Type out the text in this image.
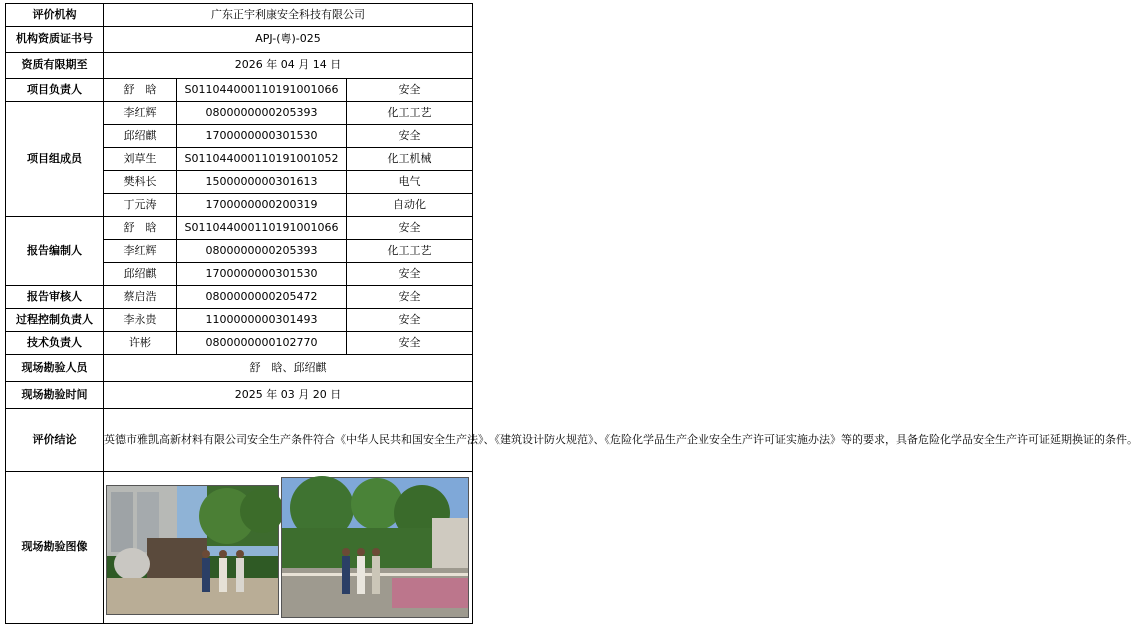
评价机构	广东正宇利康安全科技有限公司		
机构资质证书号	APJ-(粤)-025		
资质有限期至	2026 年 04 月 14 日		
项目负责人	舒　晗	S011044000110191001066	安全
项目组成员	李红辉	0800000000205393	化工工艺
	邱绍麒	1700000000301530	安全
	刘草生	S011044000110191001052	化工机械
	樊科长	1500000000301613	电气
	丁元涛	1700000000200319	自动化
报告编制人	舒　晗	S011044000110191001066	安全
	李红辉	0800000000205393	化工工艺
	邱绍麒	1700000000301530	安全
报告审核人	蔡启浩	0800000000205472	安全
过程控制负责人	李永贵	1100000000301493	安全
技术负责人	许彬	0800000000102770	安全
现场勘验人员	舒　晗、邱绍麒		
现场勘验时间	2025 年 03 月 20 日		
评价结论	英德市雅凯高新材料有限公司安全生产条件符合《中华人民共和国安全生产法》、《建筑设计防火规范》、《危险化学品生产企业安全生产许可证实施办法》等的要求，具备危险化学品安全生产许可证延期换证的条件。		
现场勘验图像	
